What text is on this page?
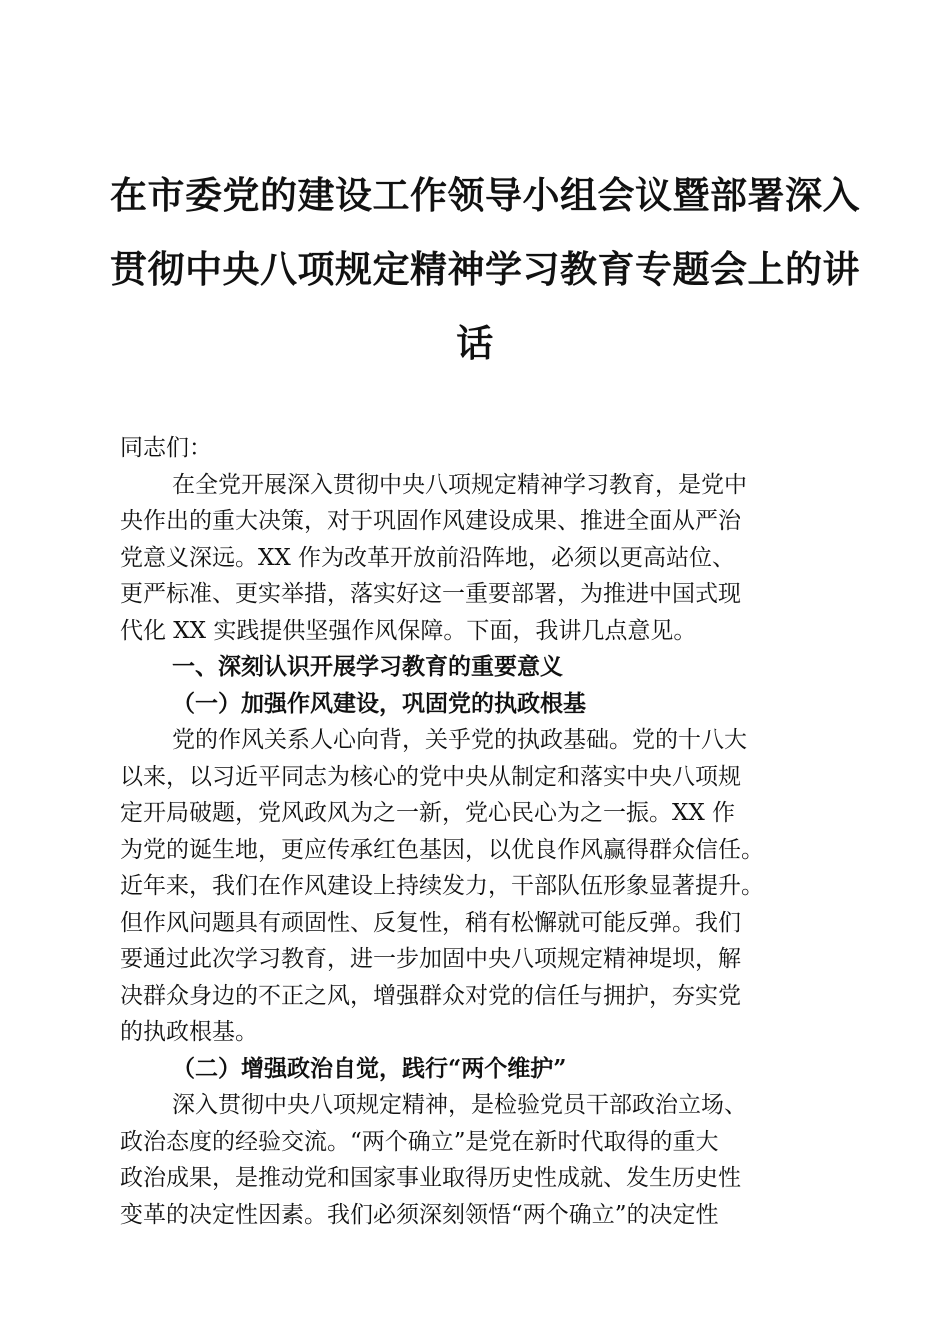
在市委党的建设工作领导小组会议暨部署深入
贯彻中央八项规定精神学习教育专题会上的讲
话
同志们：
在全党开展深入贯彻中央八项规定精神学习教育，是党中
央作出的重大决策，对于巩固作风建设成果、推进全面从严治
党意义深远。XX 作为改革开放前沿阵地，必须以更高站位、
更严标准、更实举措，落实好这一重要部署，为推进中国式现
代化 XX 实践提供坚强作风保障。下面，我讲几点意见。
一、深刻认识开展学习教育的重要意义
（一）加强作风建设，巩固党的执政根基
党的作风关系人心向背，关乎党的执政基础。党的十八大
以来，以习近平同志为核心的党中央从制定和落实中央八项规
定开局破题，党风政风为之一新，党心民心为之一振。XX 作
为党的诞生地，更应传承红色基因，以优良作风赢得群众信任。
近年来，我们在作风建设上持续发力，干部队伍形象显著提升。
但作风问题具有顽固性、反复性，稍有松懈就可能反弹。我们
要通过此次学习教育，进一步加固中央八项规定精神堤坝，解
决群众身边的不正之风，增强群众对党的信任与拥护，夯实党
的执政根基。
（二）增强政治自觉，践行“两个维护”
深入贯彻中央八项规定精神，是检验党员干部政治立场、
政治态度的经验交流。“两个确立”是党在新时代取得的重大
政治成果，是推动党和国家事业取得历史性成就、发生历史性
变革的决定性因素。我们必须深刻领悟“两个确立”的决定性
